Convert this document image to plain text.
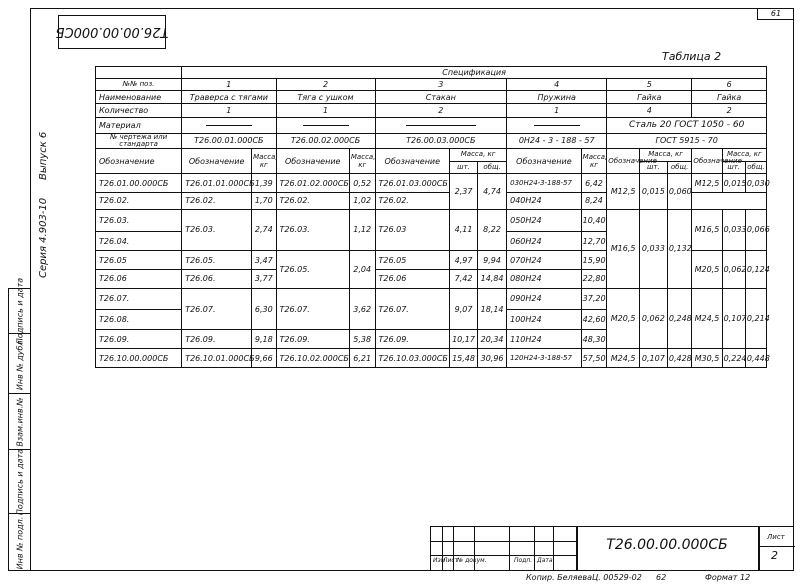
Т26.00.00.000СБ
61
Серия 4.903-10
Выпуск 6
Подпись и дата
Инв № дубл.
Взам.инв.№
Подпись и дата
Инв № подл.
Таблица 2
	Спецификация														
№№ поз.	1		2		3			4		5			6		
Наименование	Траверса с тягами		Тяга с ушком		Стакан			Пружина		Гайка			Гайка		
Количество	1		1		2			1		4			2		
Материал										Сталь 20 ГОСТ 1050 - 60					
№ чертежа или стандарта	Т26.00.01.000СБ		Т26.00.02.000СБ		Т26.00.03.000СБ			0Н24 - 3 - 188 - 57		ГОСТ 5915 - 70					
Обозначение	Обозначение	Масса, кг	Обозначение	Масса, кг	Обозначение	Масса, кг		Обозначение	Масса, кг	Обозначение	Масса, кг		Обозначение	Масса, кг	
						шт.	общ.				шт.	общ.		шт.	общ.
Т26.01.00.000СБ	Т26.01.01.000СБ	1,39	Т26.01.02.000СБ	0,52	Т26.01.03.000СБ	2,37	4,74	030Н24-3-188-57	6,42	М12,5	0,015	0,060	М12,5	0,015	0,030
Т26.02.	Т26.02.	1,70	Т26.02.	1,02	Т26.02.			040Н24	8,24						
Т26.03.	Т26.03.	2,74	Т26.03.	1,12	Т26.03	4,11	8,22	050Н24	10,40	М16,5	0,033	0,132	М16,5	0,033	0,066
Т26.04.								060Н24	12,70						
Т26.05	Т26.05.	3,47	Т26.05.	2,04	Т26.05	4,97	9,94	070Н24	15,90				М20,5	0,062	0,124
Т26.06	Т26.06.	3,77			Т26.06	7,42	14,84	080Н24	22,80						
Т26.07.	Т26.07.	6,30	Т26.07.	3,62	Т26.07.	9,07	18,14	090Н24	37,20	М20,5	0,062	0,248	М24,5	0,107	0,214
Т26.08.								100Н24	42,60						
Т26.09.	Т26.09.	9,18	Т26.09.	5,38	Т26.09.	10,17	20,34	110Н24	48,30						
Т26.10.00.000СБ	Т26.10.01.000СБ	9,66	Т26.10.02.000СБ	6,21	Т26.10.03.000СБ	15,48	30,96	120Н24-3-188-57	57,50	М24,5	0,107	0,428	М30,5	0,224	0,448
Изм
Лист
№ докум.	Подп. Дата
Т26.00.00.000СБ	Лист
2
Копир. Беляева Ц. 00529-02 62	Формат 12
